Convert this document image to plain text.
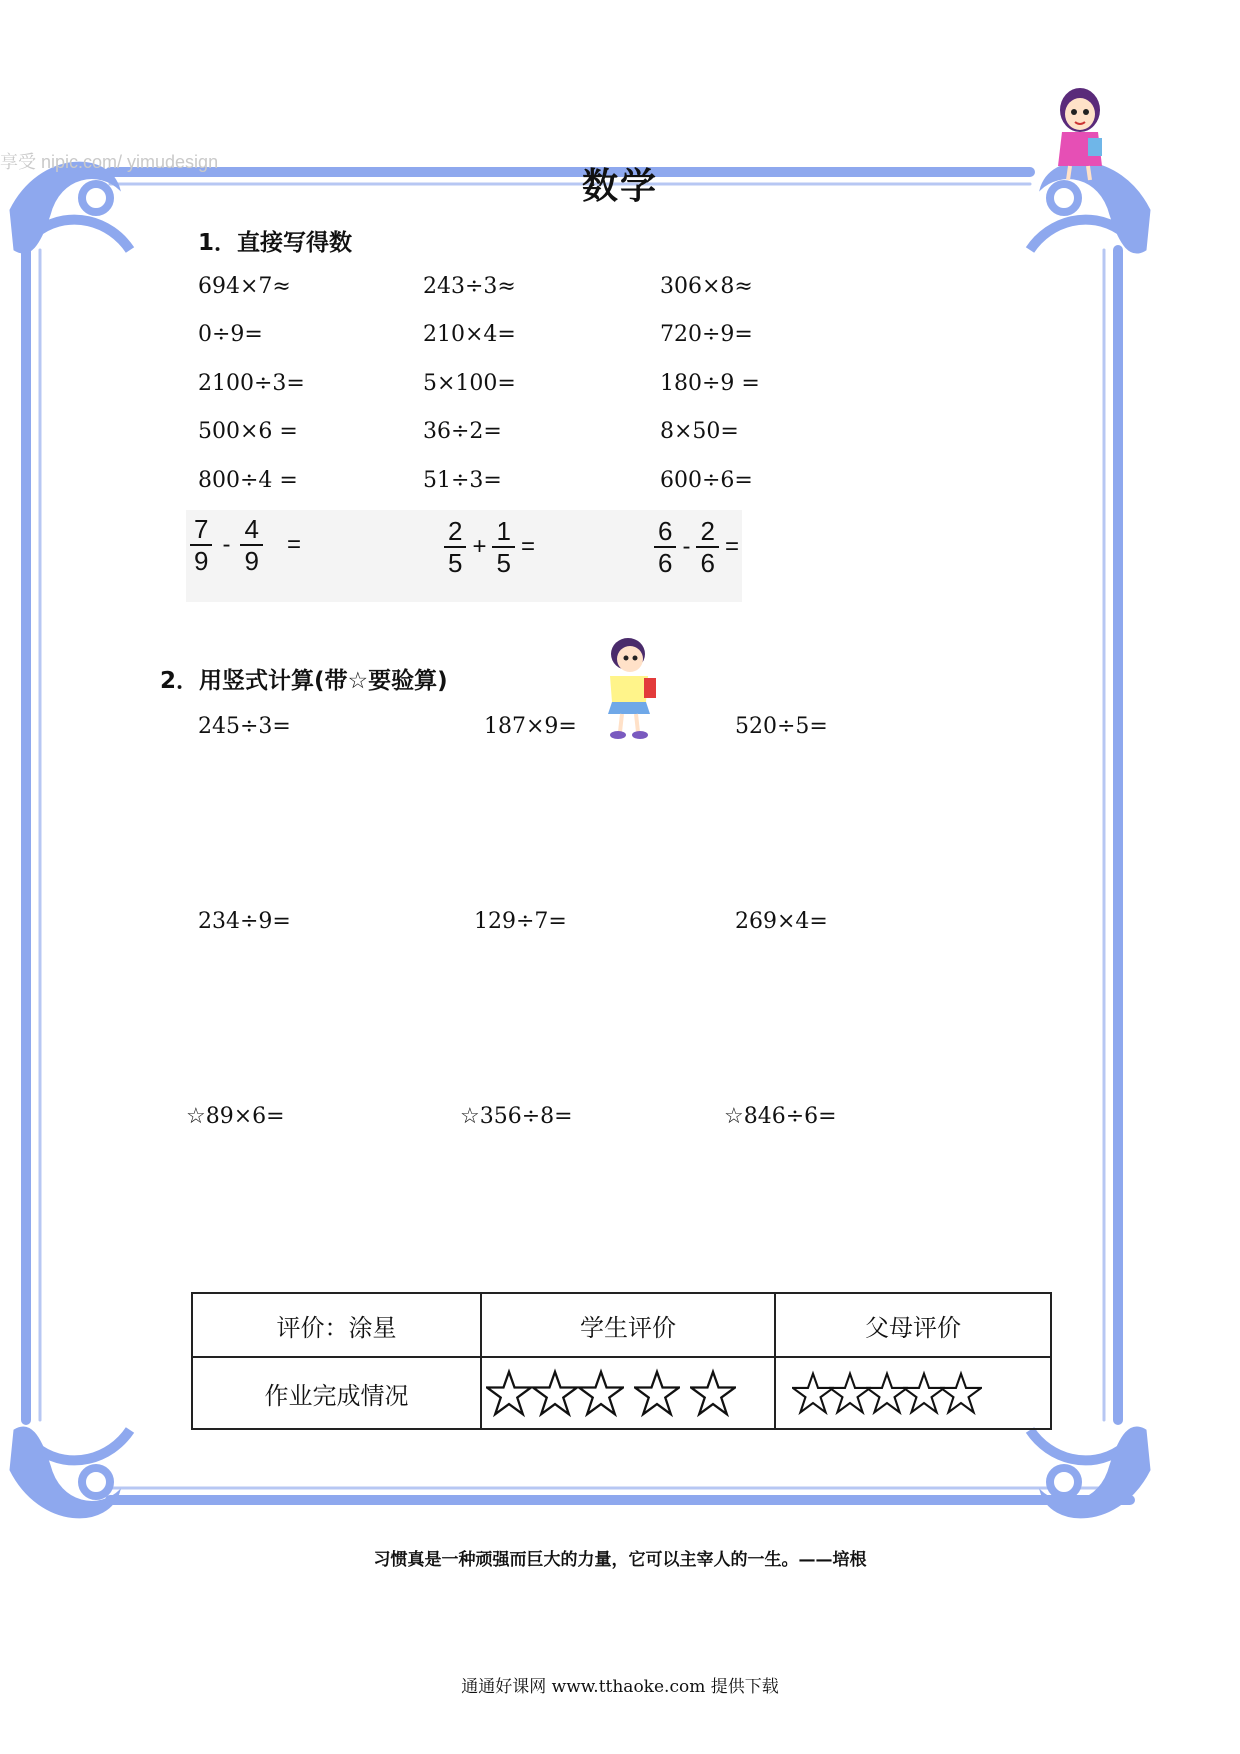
享受 nipic.com/ yimudesign
数学
1．直接写得数
694×7≈	243÷3≈	306×8≈
0÷9=	210×4=	720÷9=
2100÷3=	5×100=	180÷9 =
500×6 =	36÷2=	8×50=
800÷4 =	51÷3=	600÷6=
$\frac{7}{9} - \frac{4}{9}$ =	$\frac{2}{5} + \frac{1}{5}$ =	$\frac{6}{6} - \frac{2}{6}$ =
2．用竖式计算(带☆要验算)
245÷3=	187×9=	520÷5=
234÷9=	129÷7=	269×4=
☆89×6=	☆356÷8=	☆846÷6=
评价：涂星	学生评价	父母评价
作业完成情况	

习惯真是一种顽强而巨大的力量，它可以主宰人的一生。——培根
通通好课网 www.tthaoke.com 提供下载
